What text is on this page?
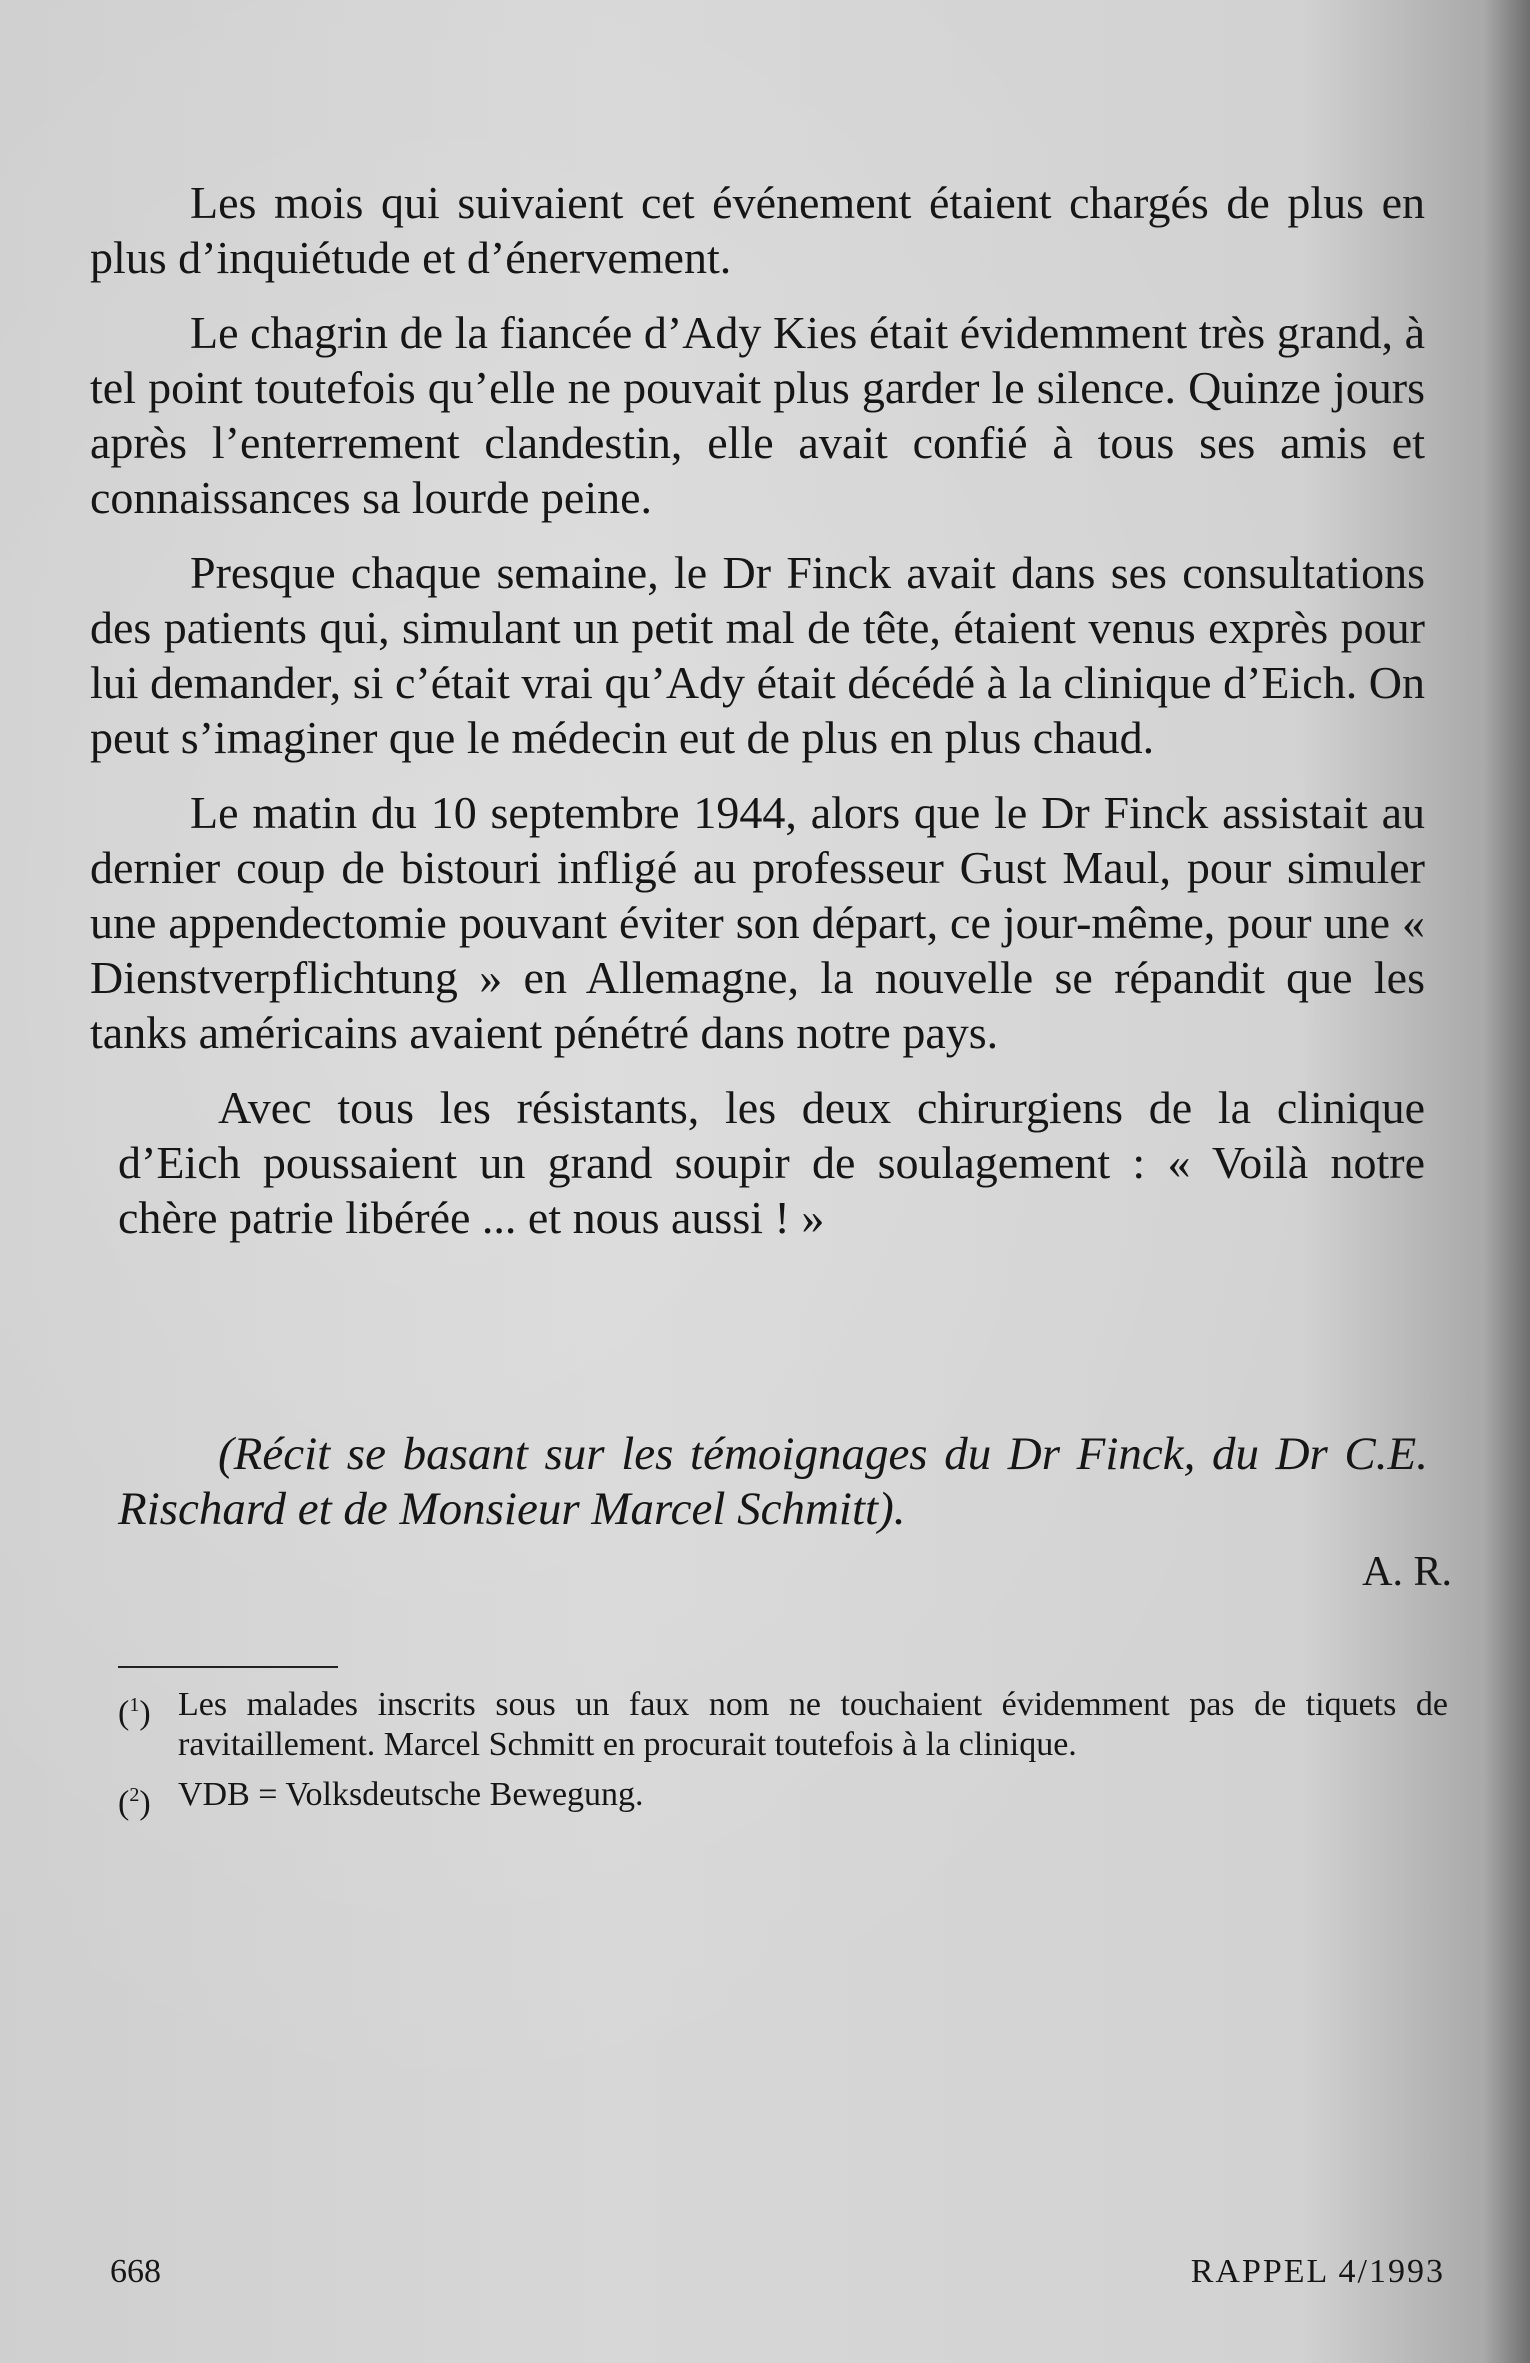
Les mois qui suivaient cet événement étaient chargés de plus en plus d’inquiétude et d’énervement.

Le chagrin de la fiancée d’Ady Kies était évidemment très grand, à tel point toutefois qu’elle ne pouvait plus garder le silence. Quinze jours après l’enterrement clandestin, elle avait confié à tous ses amis et connaissances sa lourde peine.

Presque chaque semaine, le Dr Finck avait dans ses consultations des patients qui, simulant un petit mal de tête, étaient venus exprès pour lui demander, si c’était vrai qu’Ady était décédé à la clinique d’Eich. On peut s’imaginer que le médecin eut de plus en plus chaud.

Le matin du 10 septembre 1944, alors que le Dr Finck assistait au dernier coup de bistouri infligé au professeur Gust Maul, pour simuler une appendectomie pouvant éviter son départ, ce jour-même, pour une « Dienstverpflichtung » en Allemagne, la nouvelle se répandit que les tanks américains avaient pénétré dans notre pays.

Avec tous les résistants, les deux chirurgiens de la clinique d’Eich poussaient un grand soupir de soulagement : « Voilà notre chère patrie libérée ... et nous aussi ! »

(Récit se basant sur les témoignages du Dr Finck, du Dr C.E. Rischard et de Monsieur Marcel Schmitt).

A. R.

($^1$) Les malades inscrits sous un faux nom ne touchaient évidemment pas de tiquets de ravitaillement. Marcel Schmitt en procurait toutefois à la clinique.
($^2$) VDB = Volksdeutsche Bewegung.
668	RAPPEL 4/1993
